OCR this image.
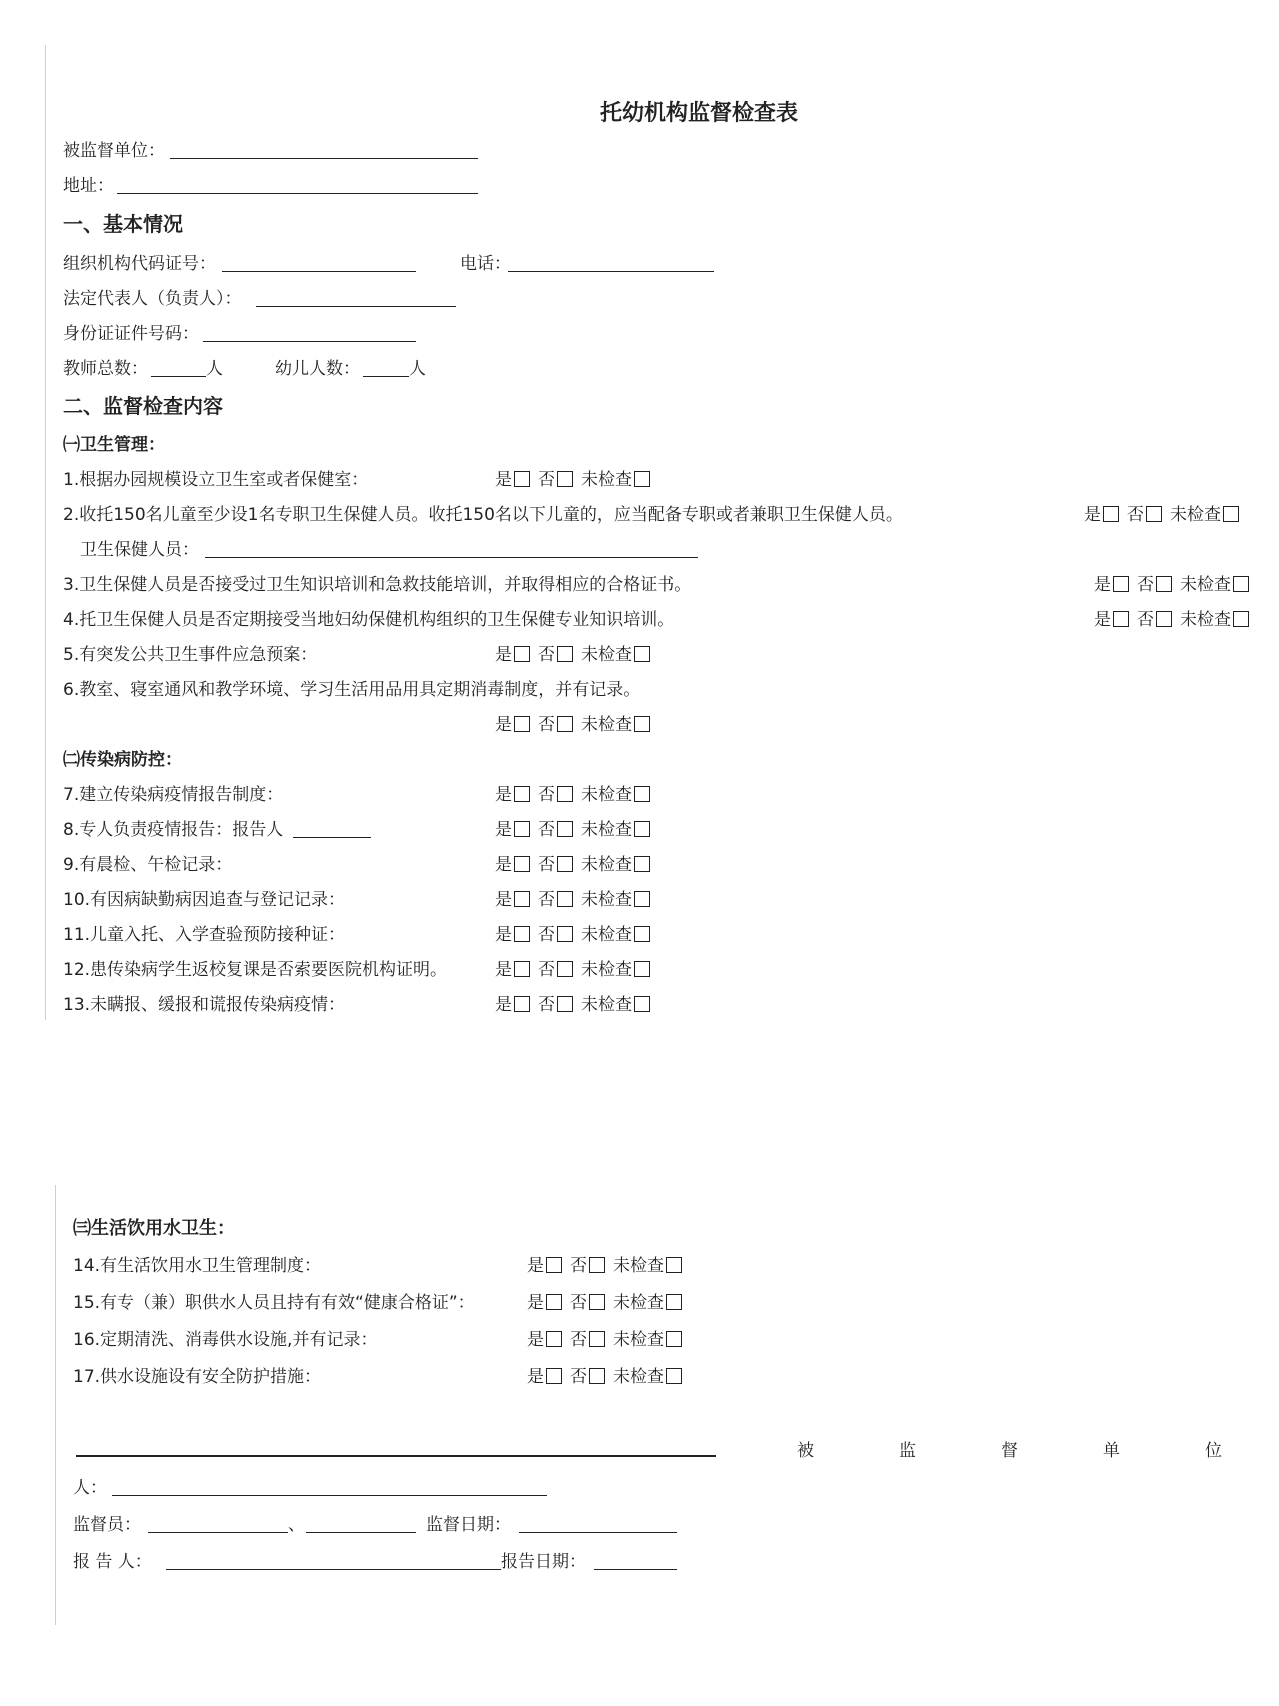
托幼机构监督检查表
被监督单位：
地址：
一、基本情况
组织机构代码证号：	电话：
法定代表人（负责人）：
身份证证件号码：
教师总数：	人	幼儿人数：	人
二、监督检查内容
㈠卫生管理：
1.根据办园规模设立卫生室或者保健室：	是 否 未检查
2.收托150名儿童至少设1名专职卫生保健人员。收托150名以下儿童的，应当配备专职或者兼职卫生保健人员。	是 否 未检查
卫生保健人员：
3.卫生保健人员是否接受过卫生知识培训和急救技能培训，并取得相应的合格证书。	是 否 未检查
4.托卫生保健人员是否定期接受当地妇幼保健机构组织的卫生保健专业知识培训。	是 否 未检查
5.有突发公共卫生事件应急预案：	是 否 未检查
6.教室、寝室通风和教学环境、学习生活用品用具定期消毒制度，并有记录。
是 否 未检查
㈡传染病防控：
7.建立传染病疫情报告制度：	是 否 未检查
8.专人负责疫情报告：报告人	是 否 未检查
9.有晨检、午检记录：	是 否 未检查
10.有因病缺勤病因追查与登记记录：	是 否 未检查
11.儿童入托、入学查验预防接种证：	是 否 未检查
12.患传染病学生返校复课是否索要医院机构证明。	是 否 未检查
13.未瞒报、缓报和谎报传染病疫情：	是 否 未检查
㈢生活饮用水卫生：
14.有生活饮用水卫生管理制度：	是 否 未检查
15.有专（兼）职供水人员且持有有效“健康合格证”：	是 否 未检查
16.定期清洗、消毒供水设施,并有记录：	是 否 未检查
17.供水设施设有安全防护措施：	是 否 未检查
被	监	督	单	位
人：
监督员：	、	监督日期：
报 告 人：	报告日期：
